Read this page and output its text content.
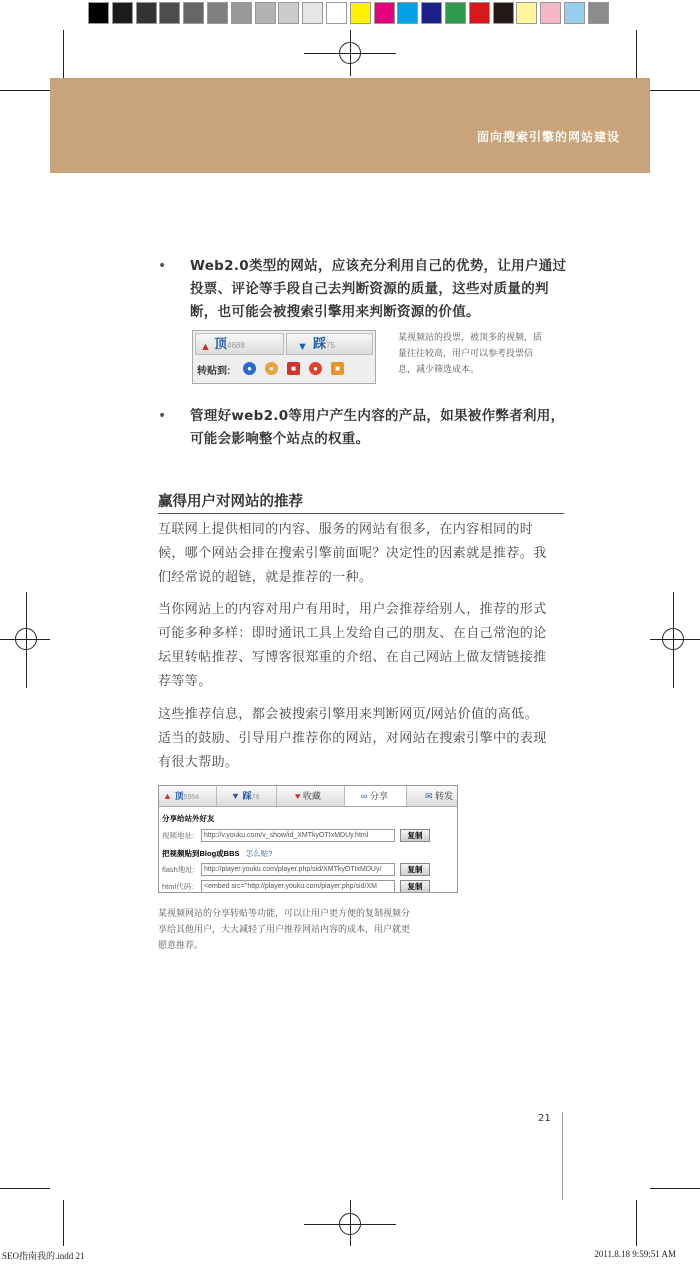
面向搜索引擎的网站建设
• Web2.0类型的网站，应该充分利用自己的优势，让用户通过
投票、评论等手段自己去判断资源的质量，这些对质量的判
断，也可能会被搜索引擎用来判断资源的价值。
▲ 顶4688	▼ 踩75
转贴到:	●	●	■	●	■
某视频站的投票，被顶多的视频，质
量往往较高，用户可以参考投票信
息，减少筛选成本。
• 管理好web2.0等用户产生内容的产品，如果被作弊者利用，
可能会影响整个站点的权重。
赢得用户对网站的推荐
互联网上提供相同的内容、服务的网站有很多，在内容相同的时
候，哪个网站会排在搜索引擎前面呢？决定性的因素就是推荐。我
们经常说的超链，就是推荐的一种。
当你网站上的内容对用户有用时，用户会推荐给别人，推荐的形式
可能多种多样：即时通讯工具上发给自己的朋友、在自己常泡的论
坛里转帖推荐、写博客很郑重的介绍、在自己网站上做友情链接推
荐等等。
这些推荐信息，都会被搜索引擎用来判断网页/网站价值的高低。
适当的鼓励、引导用户推荐你的网站，对网站在搜索引擎中的表现
有很大帮助。
▲ 顶5954	▼ 踩78	♥ 收藏	∞ 分享	✉ 转发
分享给站外好友
视频地址:	http://v.youku.com/v_show/id_XMTkyOTIxMDUy.html	复制
把视频贴到Blog或BBS 怎么贴?
flash地址:	http://player.youku.com/player.php/sid/XMTkyOTIxMDUy/	复制
html代码:	<embed src="http://player.youku.com/player.php/sid/XM	复制
某视频网站的分享转贴等功能，可以让用户更方便的复制视频分
享给其他用户，大大减轻了用户推荐网站内容的成本，用户就更
愿意推荐。
21
SEO指南我的.indd 21	2011.8.18 9:59:51 AM
